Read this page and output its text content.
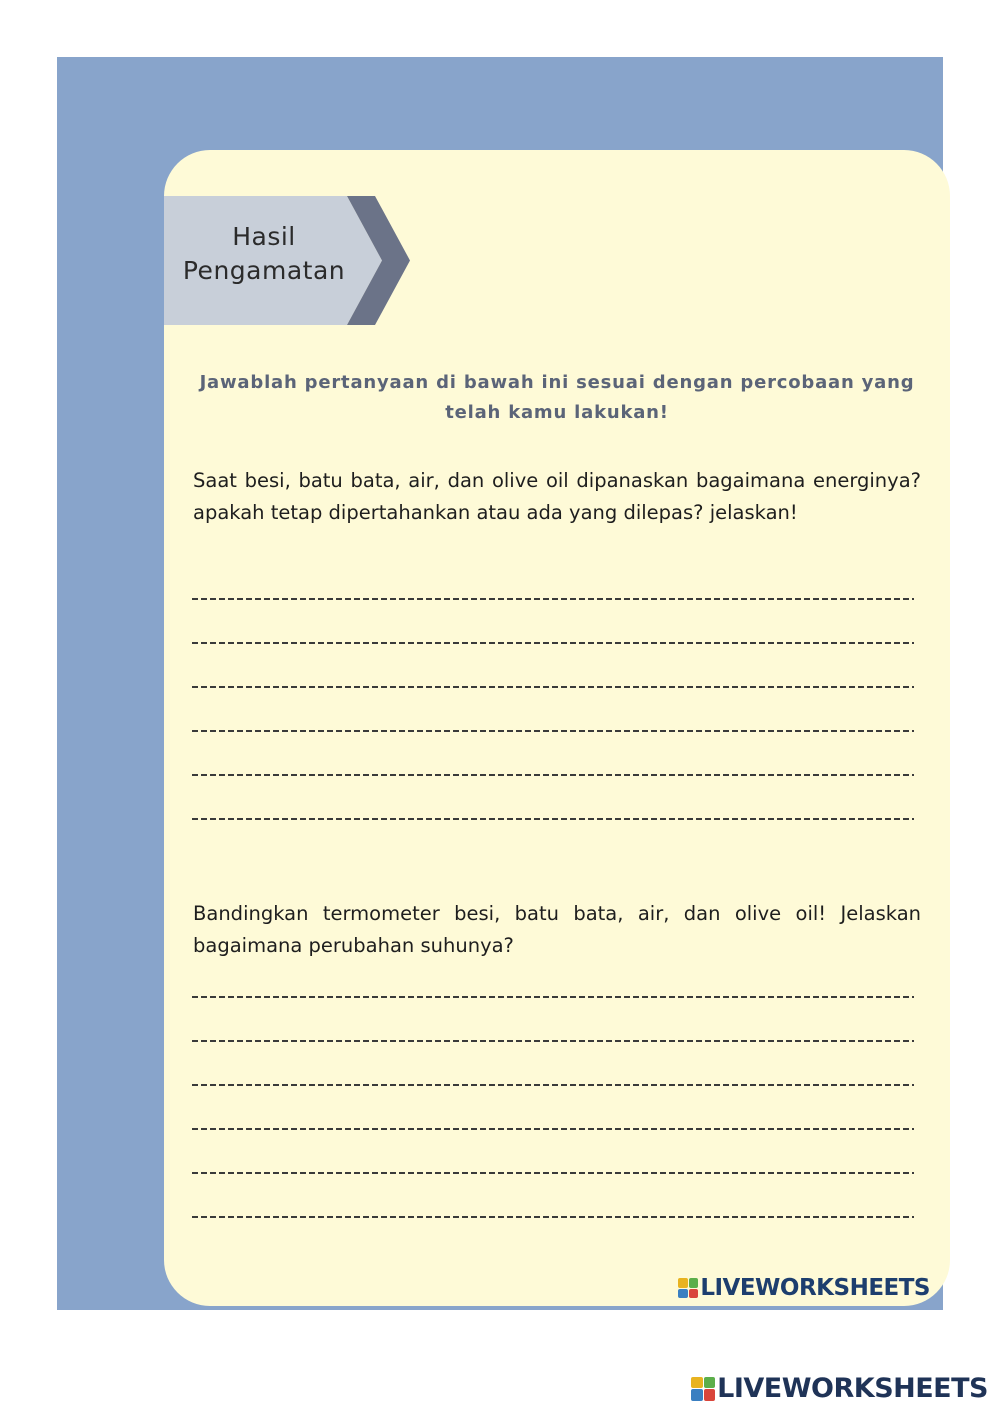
Hasil
Pengamatan
Jawablah pertanyaan di bawah ini sesuai dengan percobaan yang telah kamu lakukan!
Saat besi, batu bata, air, dan olive oil dipanaskan bagaimana energinya? apakah tetap dipertahankan atau ada yang dilepas? jelaskan!
Bandingkan termometer besi, batu bata, air, dan olive oil! Jelaskan bagaimana perubahan suhunya?
LIVEWORKSHEETS
LIVEWORKSHEETS
